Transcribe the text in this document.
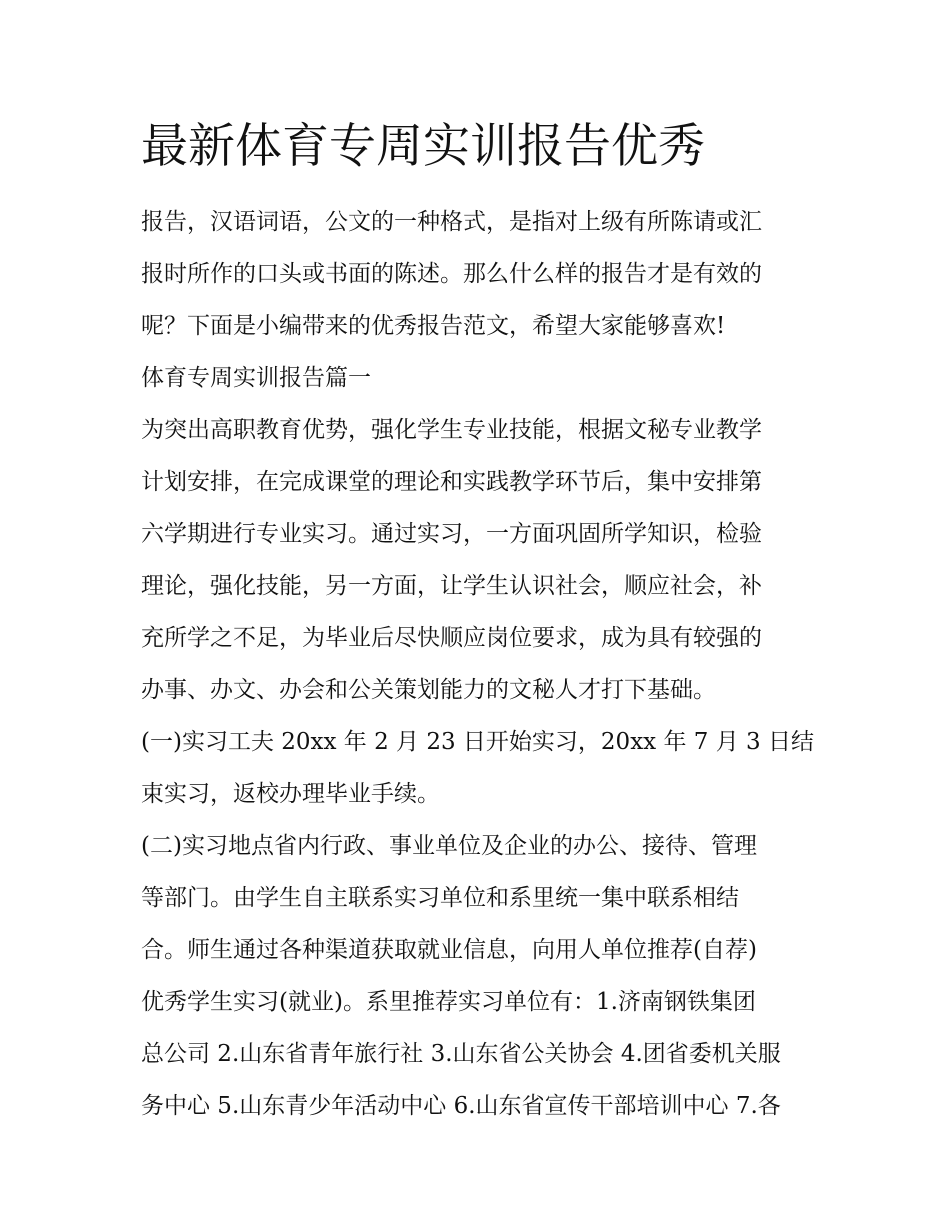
最新体育专周实训报告优秀

报告，汉语词语，公文的一种格式，是指对上级有所陈请或汇

报时所作的口头或书面的陈述。那么什么样的报告才是有效的

呢？下面是小编带来的优秀报告范文，希望大家能够喜欢!

体育专周实训报告篇一

为突出高职教育优势，强化学生专业技能，根据文秘专业教学

计划安排，在完成课堂的理论和实践教学环节后，集中安排第

六学期进行专业实习。通过实习，一方面巩固所学知识，检验

理论，强化技能，另一方面，让学生认识社会，顺应社会，补

充所学之不足，为毕业后尽快顺应岗位要求，成为具有较强的

办事、办文、办会和公关策划能力的文秘人才打下基础。

(一)实习工夫 20xx 年 2 月 23 日开始实习，20xx 年 7 月 3 日结

束实习，返校办理毕业手续。

(二)实习地点省内行政、事业单位及企业的办公、接待、管理

等部门。由学生自主联系实习单位和系里统一集中联系相结

合。师生通过各种渠道获取就业信息，向用人单位推荐(自荐)

优秀学生实习(就业)。系里推荐实习单位有：1.济南钢铁集团

总公司 2.山东省青年旅行社 3.山东省公关协会 4.团省委机关服

务中心 5.山东青少年活动中心 6.山东省宣传干部培训中心 7.各
